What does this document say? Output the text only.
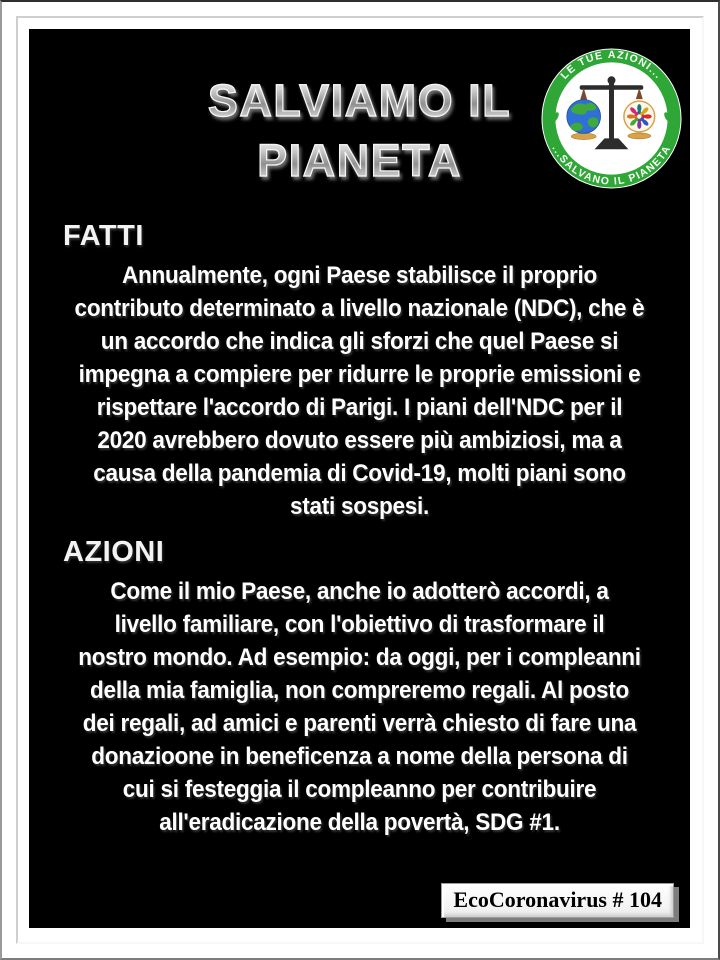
SALVIAMO IL
PIANETA
LE TUE AZIONI...
...SALVANO IL PIANETA
FATTI
Annualmente, ogni Paese stabilisce il proprio
contributo determinato a livello nazionale (NDC), che è
un accordo che indica gli sforzi che quel Paese si
impegna a compiere per ridurre le proprie emissioni e
rispettare l'accordo di Parigi. I piani dell'NDC per il
2020 avrebbero dovuto essere più ambiziosi, ma a
causa della pandemia di Covid-19, molti piani sono
stati sospesi.
AZIONI
Come il mio Paese, anche io adotterò accordi, a
livello familiare, con l'obiettivo di trasformare il
nostro mondo. Ad esempio: da oggi, per i compleanni
della mia famiglia, non compreremo regali. Al posto
dei regali, ad amici e parenti verrà chiesto di fare una
donazioone in beneficenza a nome della persona di
cui si festeggia il compleanno per contribuire
all'eradicazione della povertà, SDG #1.
EcoCoronavirus # 104
